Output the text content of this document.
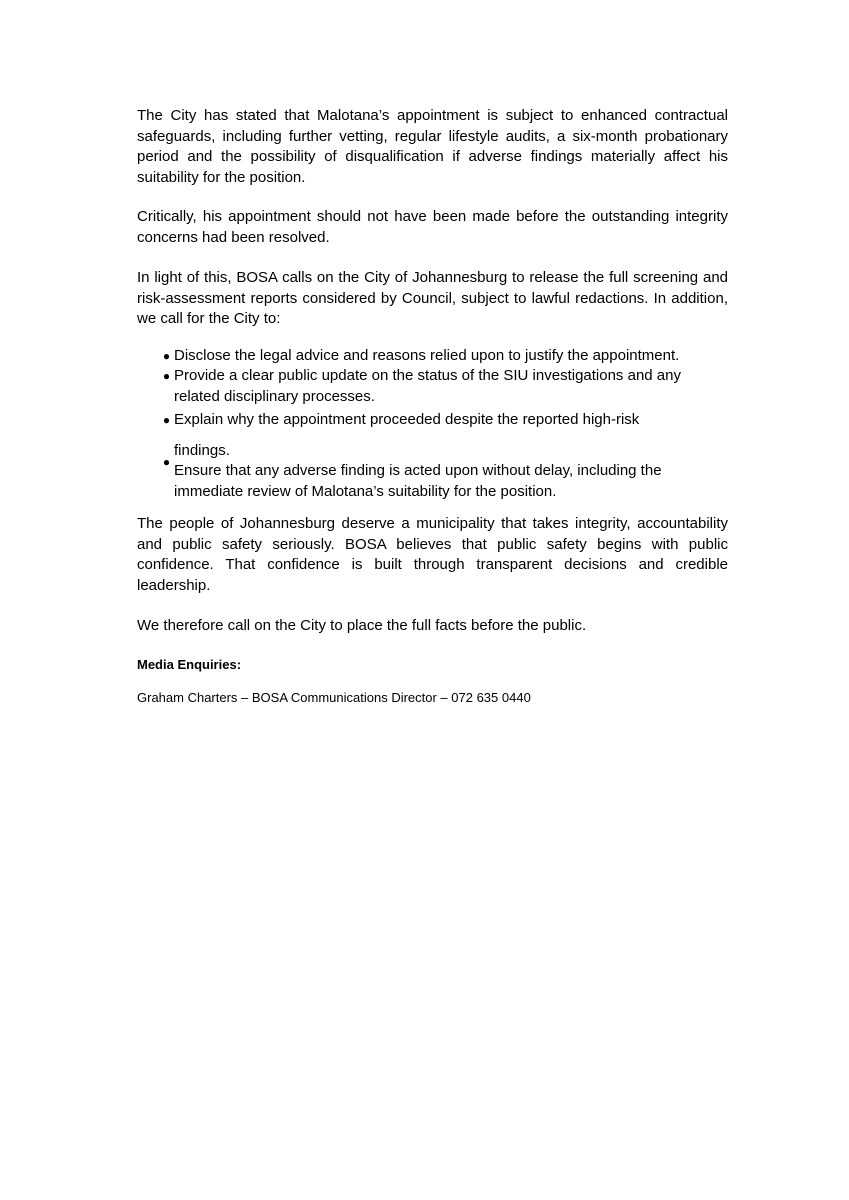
The City has stated that Malotana’s appointment is subject to enhanced contractual safeguards, including further vetting, regular lifestyle audits, a six-month probationary period and the possibility of disqualification if adverse findings materially affect his suitability for the position.

Critically, his appointment should not have been made before the outstanding integrity concerns had been resolved.

In light of this, BOSA calls on the City of Johannesburg to release the full screening and risk-assessment reports considered by Council, subject to lawful redactions. In addition, we call for the City to:

● Disclose the legal advice and reasons relied upon to justify the appointment.
● Provide a clear public update on the status of the SIU investigations and any related disciplinary processes.
● Explain why the appointment proceeded despite the reported high-risk
findings.
● Ensure that any adverse finding is acted upon without delay, including the immediate review of Malotana’s suitability for the position.

The people of Johannesburg deserve a municipality that takes integrity, accountability and public safety seriously. BOSA believes that public safety begins with public confidence. That confidence is built through transparent decisions and credible leadership.

We therefore call on the City to place the full facts before the public.

Media Enquiries:

Graham Charters – BOSA Communications Director – 072 635 0440
